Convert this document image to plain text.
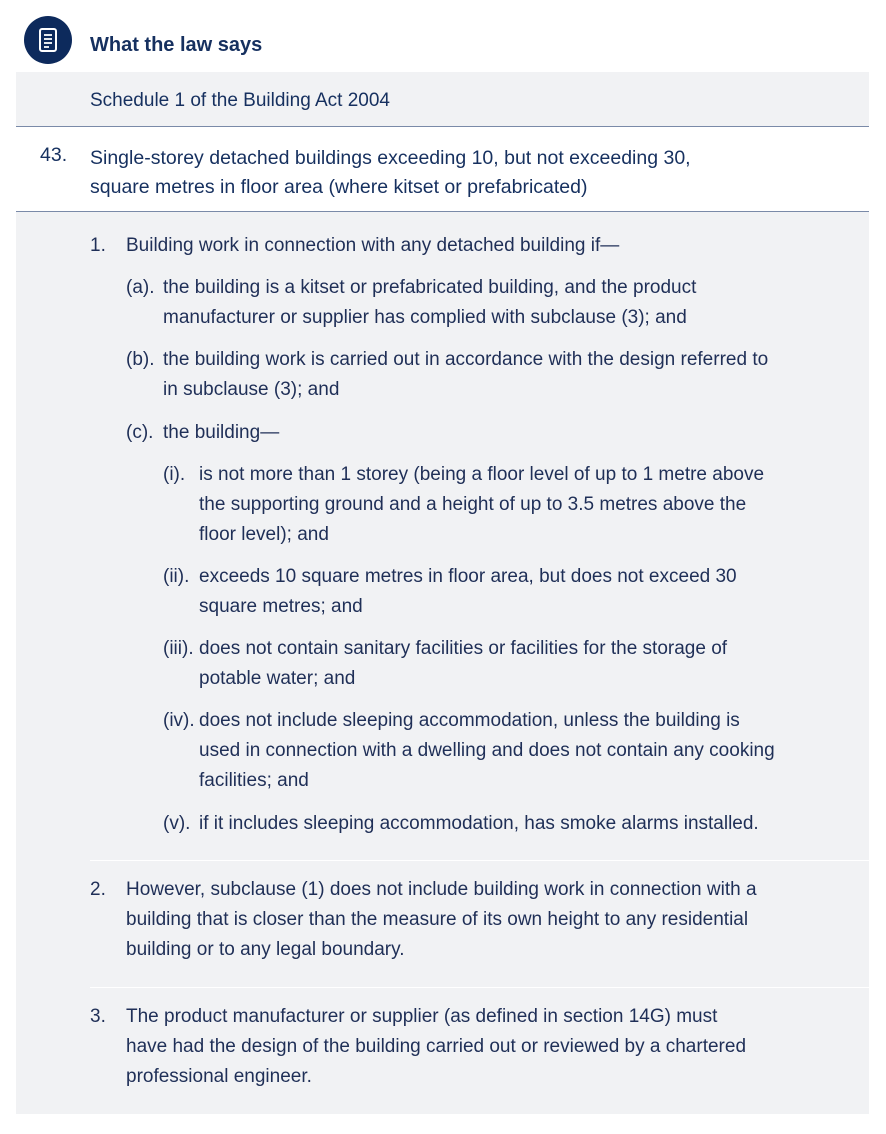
What the law says
Schedule 1 of the Building Act 2004
43. Single-storey detached buildings exceeding 10, but not exceeding 30,
square metres in floor area (where kitset or prefabricated)
1. Building work in connection with any detached building if—
(a). the building is a kitset or prefabricated building, and the product
manufacturer or supplier has complied with subclause (3); and
(b). the building work is carried out in accordance with the design referred to
in subclause (3); and
(c). the building—
(i). is not more than 1 storey (being a floor level of up to 1 metre above
the supporting ground and a height of up to 3.5 metres above the
floor level); and
(ii). exceeds 10 square metres in floor area, but does not exceed 30
square metres; and
(iii). does not contain sanitary facilities or facilities for the storage of
potable water; and
(iv). does not include sleeping accommodation, unless the building is
used in connection with a dwelling and does not contain any cooking
facilities; and
(v). if it includes sleeping accommodation, has smoke alarms installed.
2. However, subclause (1) does not include building work in connection with a
building that is closer than the measure of its own height to any residential
building or to any legal boundary.
3. The product manufacturer or supplier (as defined in section 14G) must
have had the design of the building carried out or reviewed by a chartered
professional engineer.
